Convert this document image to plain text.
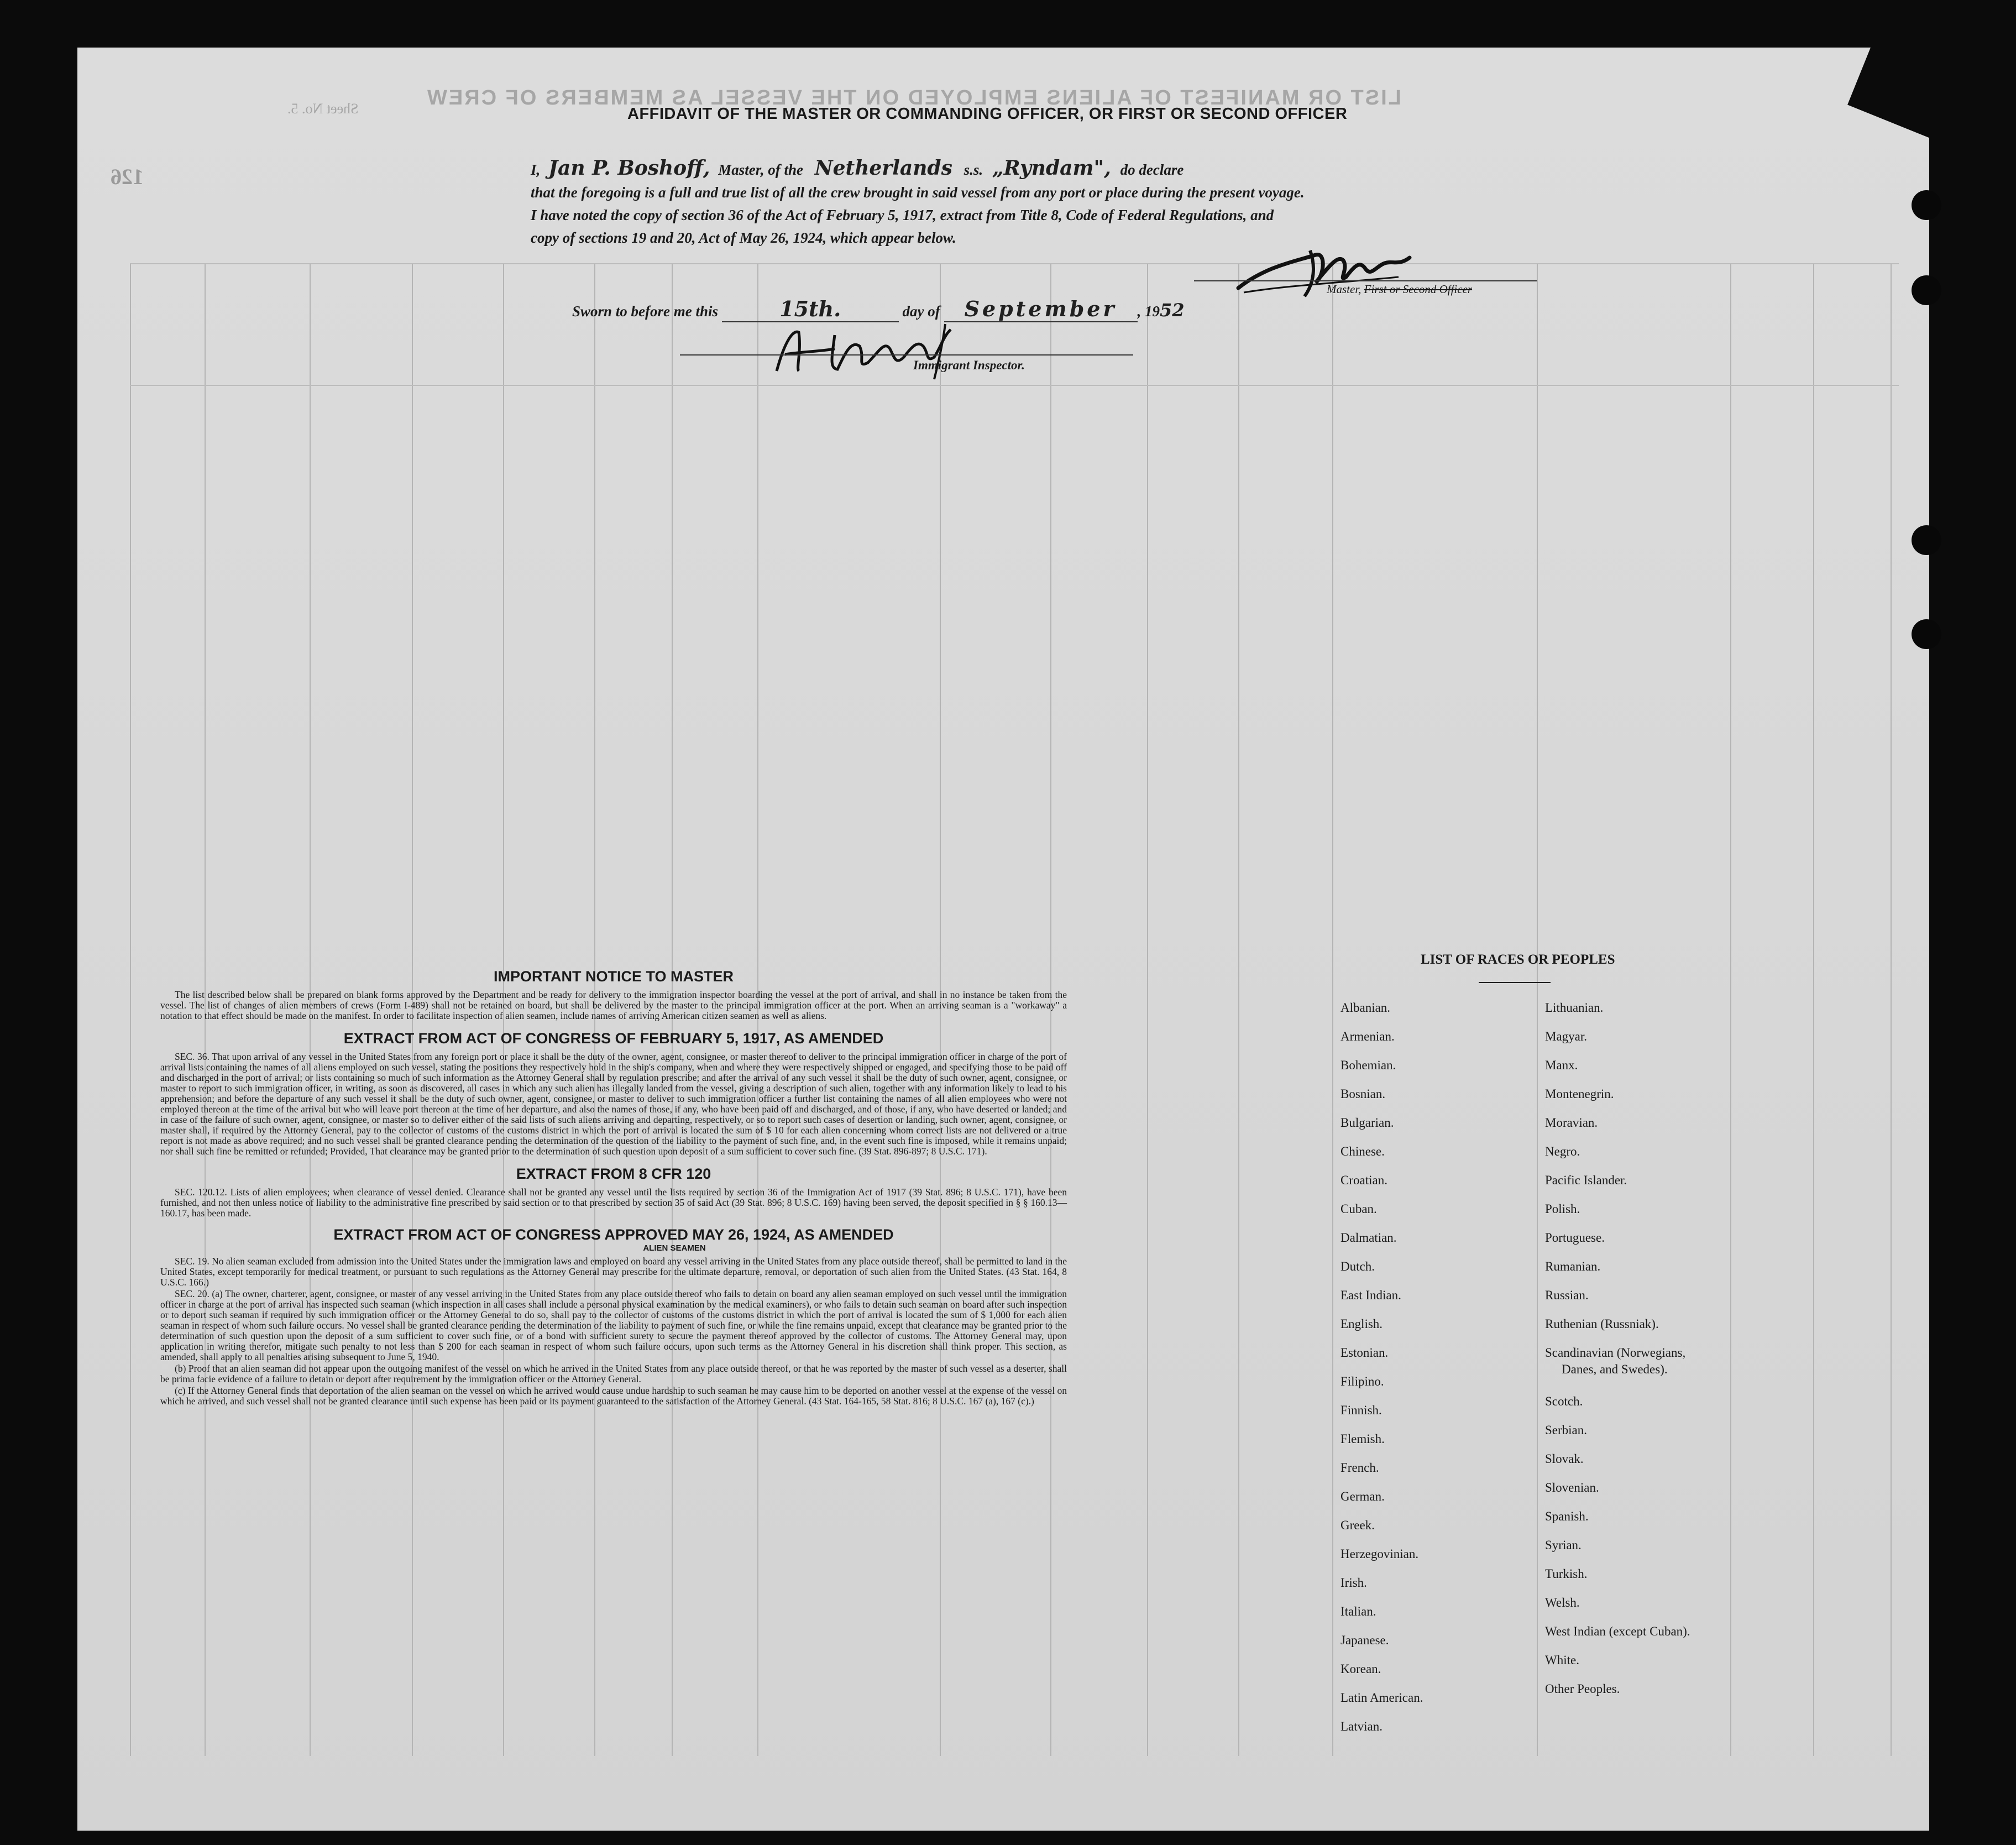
LIST OR MANIFEST OF ALIENS EMPLOYED ON THE VESSEL AS MEMBERS OF CREW
Sheet No. 5.
126
AFFIDAVIT OF THE MASTER OR COMMANDING OFFICER, OR FIRST OR SECOND OFFICER
I, Jan P. Boshoff, Master, of the Netherlands s.s. „Ryndam", do declare
that the foregoing is a full and true list of all the crew brought in said vessel from any port or place during the present voyage.
I have noted the copy of section 36 of the Act of February 5, 1917, extract from Title 8, Code of Federal Regulations, and
copy of sections 19 and 20, Act of May 26, 1924, which appear below.
Master, First or Second Officer
Sworn to before me this	15th.	day of September , 1952
Immigrant Inspector.
IMPORTANT NOTICE TO MASTER

The list described below shall be prepared on blank forms approved by the Department and be ready for delivery to the immigration inspector boarding the vessel at the port of arrival, and shall in no instance be taken from the vessel. The list of changes of alien members of crews (Form I-489) shall not be retained on board, but shall be delivered by the master to the principal immigration officer at the port. When an arriving seaman is a "workaway" a notation to that effect should be made on the manifest. In order to facilitate inspection of alien seamen, include names of arriving American citizen seamen as well as aliens.

EXTRACT FROM ACT OF CONGRESS OF FEBRUARY 5, 1917, AS AMENDED

SEC. 36. That upon arrival of any vessel in the United States from any foreign port or place it shall be the duty of the owner, agent, consignee, or master thereof to deliver to the principal immigration officer in charge of the port of arrival lists containing the names of all aliens employed on such vessel, stating the positions they respectively hold in the ship's company, when and where they were respectively shipped or engaged, and specifying those to be paid off and discharged in the port of arrival; or lists containing so much of such information as the Attorney General shall by regulation prescribe; and after the arrival of any such vessel it shall be the duty of such owner, agent, consignee, or master to report to such immigration officer, in writing, as soon as discovered, all cases in which any such alien has illegally landed from the vessel, giving a description of such alien, together with any information likely to lead to his apprehension; and before the departure of any such vessel it shall be the duty of such owner, agent, consignee, or master to deliver to such immigration officer a further list containing the names of all alien employees who were not employed thereon at the time of the arrival but who will leave port thereon at the time of her departure, and also the names of those, if any, who have been paid off and discharged, and of those, if any, who have deserted or landed; and in case of the failure of such owner, agent, consignee, or master so to deliver either of the said lists of such aliens arriving and departing, respectively, or so to report such cases of desertion or landing, such owner, agent, consignee, or master shall, if required by the Attorney General, pay to the collector of customs of the customs district in which the port of arrival is located the sum of $ 10 for each alien concerning whom correct lists are not delivered or a true report is not made as above required; and no such vessel shall be granted clearance pending the determination of the question of the liability to the payment of such fine, and, in the event such fine is imposed, while it remains unpaid; nor shall such fine be remitted or refunded; Provided, That clearance may be granted prior to the determination of such question upon deposit of a sum sufficient to cover such fine. (39 Stat. 896-897; 8 U.S.C. 171).

EXTRACT FROM 8 CFR 120

SEC. 120.12. Lists of alien employees; when clearance of vessel denied. Clearance shall not be granted any vessel until the lists required by section 36 of the Immigration Act of 1917 (39 Stat. 896; 8 U.S.C. 171), have been furnished, and not then unless notice of liability to the administrative fine prescribed by said section or to that prescribed by section 35 of said Act (39 Stat. 896; 8 U.S.C. 169) having been served, the deposit specified in § § 160.13—160.17, has been made.

EXTRACT FROM ACT OF CONGRESS APPROVED MAY 26, 1924, AS AMENDED
ALIEN SEAMEN

SEC. 19. No alien seaman excluded from admission into the United States under the immigration laws and employed on board any vessel arriving in the United States from any place outside thereof, shall be permitted to land in the United States, except temporarily for medical treatment, or pursuant to such regulations as the Attorney General may prescribe for the ultimate departure, removal, or deportation of such alien from the United States. (43 Stat. 164, 8 U.S.C. 166.)

SEC. 20. (a) The owner, charterer, agent, consignee, or master of any vessel arriving in the United States from any place outside thereof who fails to detain on board any alien seaman employed on such vessel until the immigration officer in charge at the port of arrival has inspected such seaman (which inspection in all cases shall include a personal physical examination by the medical examiners), or who fails to detain such seaman on board after such inspection or to deport such seaman if required by such immigration officer or the Attorney General to do so, shall pay to the collector of customs of the customs district in which the port of arrival is located the sum of $ 1,000 for each alien seaman in respect of whom such failure occurs. No vessel shall be granted clearance pending the determination of the liability to payment of such fine, or while the fine remains unpaid, except that clearance may be granted prior to the determination of such question upon the deposit of a sum sufficient to cover such fine, or of a bond with sufficient surety to secure the payment thereof approved by the collector of customs. The Attorney General may, upon application in writing therefor, mitigate such penalty to not less than $ 200 for each seaman in respect of whom such failure occurs, upon such terms as the Attorney General in his discretion shall think proper. This section, as amended, shall apply to all penalties arising subsequent to June 5, 1940.

(b) Proof that an alien seaman did not appear upon the outgoing manifest of the vessel on which he arrived in the United States from any place outside thereof, or that he was reported by the master of such vessel as a deserter, shall be prima facie evidence of a failure to detain or deport after requirement by the immigration officer or the Attorney General.

(c) If the Attorney General finds that deportation of the alien seaman on the vessel on which he arrived would cause undue hardship to such seaman he may cause him to be deported on another vessel at the expense of the vessel on which he arrived, and such vessel shall not be granted clearance until such expense has been paid or its payment guaranteed to the satisfaction of the Attorney General. (43 Stat. 164-165, 58 Stat. 816; 8 U.S.C. 167 (a), 167 (c).)

LIST OF RACES OR PEOPLES
Albanian.
Armenian.
Bohemian.
Bosnian.
Bulgarian.
Chinese.
Croatian.
Cuban.
Dalmatian.
Dutch.
East Indian.
English.
Estonian.
Filipino.
Finnish.
Flemish.
French.
German.
Greek.
Herzegovinian.
Irish.
Italian.
Japanese.
Korean.
Latin American.
Latvian.
Lithuanian.
Magyar.
Manx.
Montenegrin.
Moravian.
Negro.
Pacific Islander.
Polish.
Portuguese.
Rumanian.
Russian.
Ruthenian (Russniak).
Scandinavian (Norwegians,
Danes, and Swedes).
Scotch.
Serbian.
Slovak.
Slovenian.
Spanish.
Syrian.
Turkish.
Welsh.
West Indian (except Cuban).
White.
Other Peoples.
